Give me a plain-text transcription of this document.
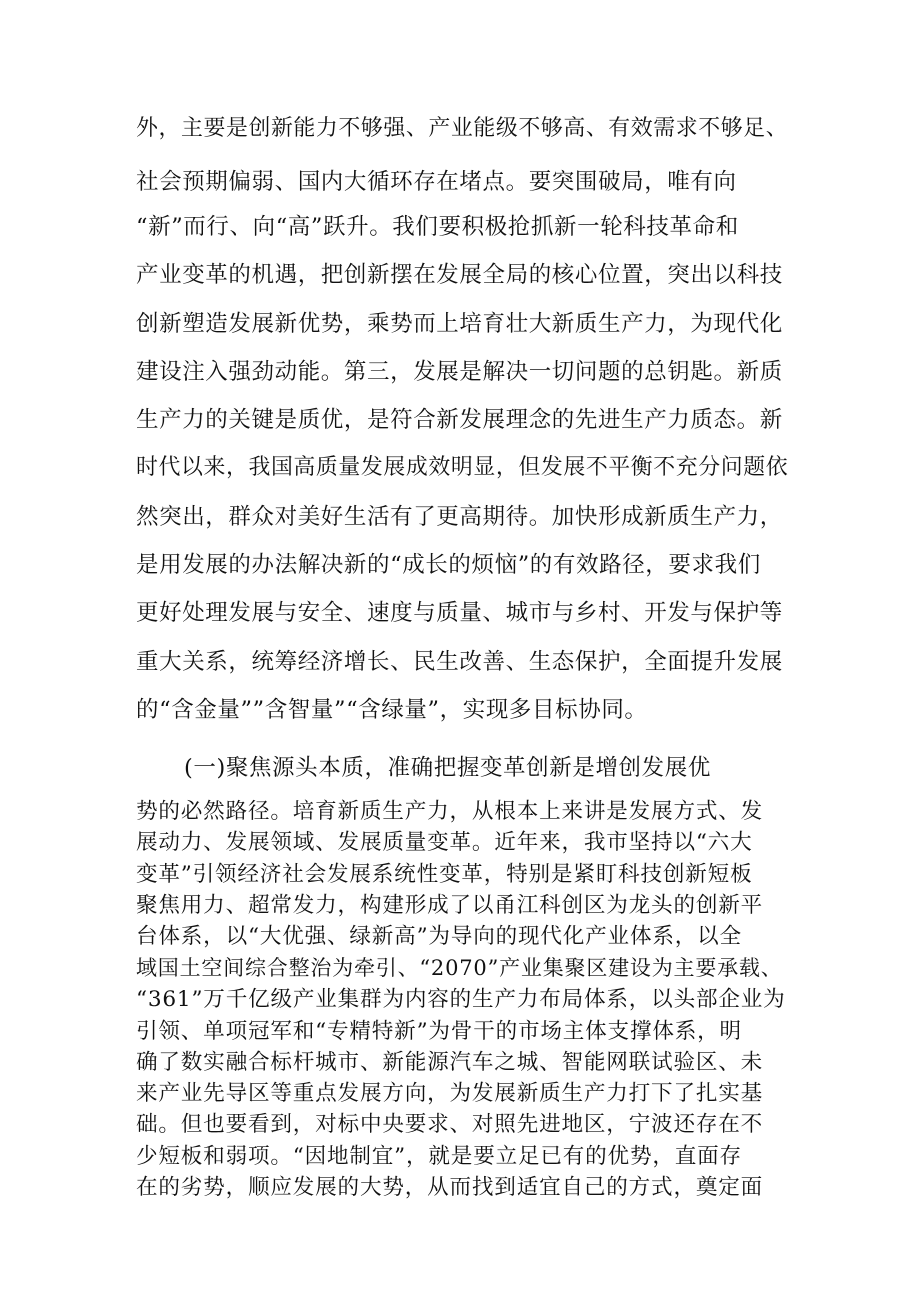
外，主要是创新能力不够强、产业能级不够高、有效需求不够足、
社会预期偏弱、国内大循环存在堵点。要突围破局，唯有向
“新”而行、向“高”跃升。我们要积极抢抓新一轮科技革命和
产业变革的机遇，把创新摆在发展全局的核心位置，突出以科技
创新塑造发展新优势，乘势而上培育壮大新质生产力，为现代化
建设注入强劲动能。第三，发展是解决一切问题的总钥匙。新质
生产力的关键是质优，是符合新发展理念的先进生产力质态。新
时代以来，我国高质量发展成效明显，但发展不平衡不充分问题依
然突出，群众对美好生活有了更高期待。加快形成新质生产力，
是用发展的办法解决新的“成长的烦恼”的有效路径，要求我们
更好处理发展与安全、速度与质量、城市与乡村、开发与保护等
重大关系，统筹经济增长、民生改善、生态保护，全面提升发展
的“含金量””含智量”“含绿量”，实现多目标协同。
(一)聚焦源头本质，准确把握变革创新是增创发展优
势的必然路径。培育新质生产力，从根本上来讲是发展方式、发
展动力、发展领域、发展质量变革。近年来，我市坚持以“六大
变革”引领经济社会发展系统性变革，特别是紧盯科技创新短板
聚焦用力、超常发力，构建形成了以甬江科创区为龙头的创新平
台体系，以“大优强、绿新高”为导向的现代化产业体系，以全
域国土空间综合整治为牵引、“2070”产业集聚区建设为主要承载、
“361”万千亿级产业集群为内容的生产力布局体系，以头部企业为
引领、单项冠军和“专精特新”为骨干的市场主体支撑体系，明
确了数实融合标杆城市、新能源汽车之城、智能网联试验区、未
来产业先导区等重点发展方向，为发展新质生产力打下了扎实基
础。但也要看到，对标中央要求、对照先进地区，宁波还存在不
少短板和弱项。“因地制宜”，就是要立足已有的优势，直面存
在的劣势，顺应发展的大势，从而找到适宜自己的方式，奠定面
